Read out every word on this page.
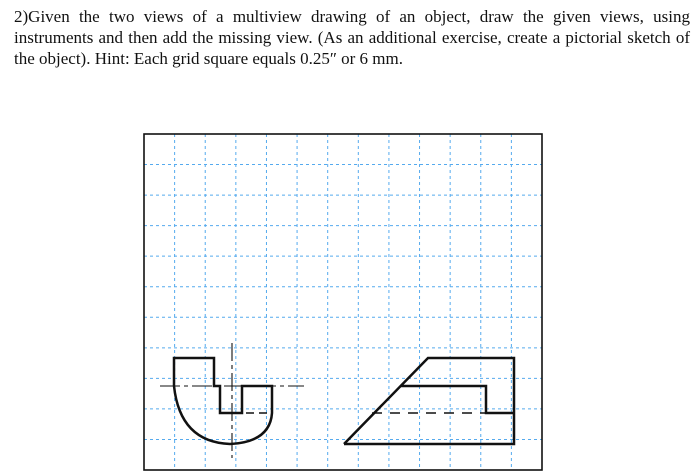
2)Given the two views of a multiview drawing of an object, draw the given views, using instruments and then add the missing view. (As an additional exercise, create a pictorial sketch of the object). Hint: Each grid square equals 0.25″ or 6 mm.
